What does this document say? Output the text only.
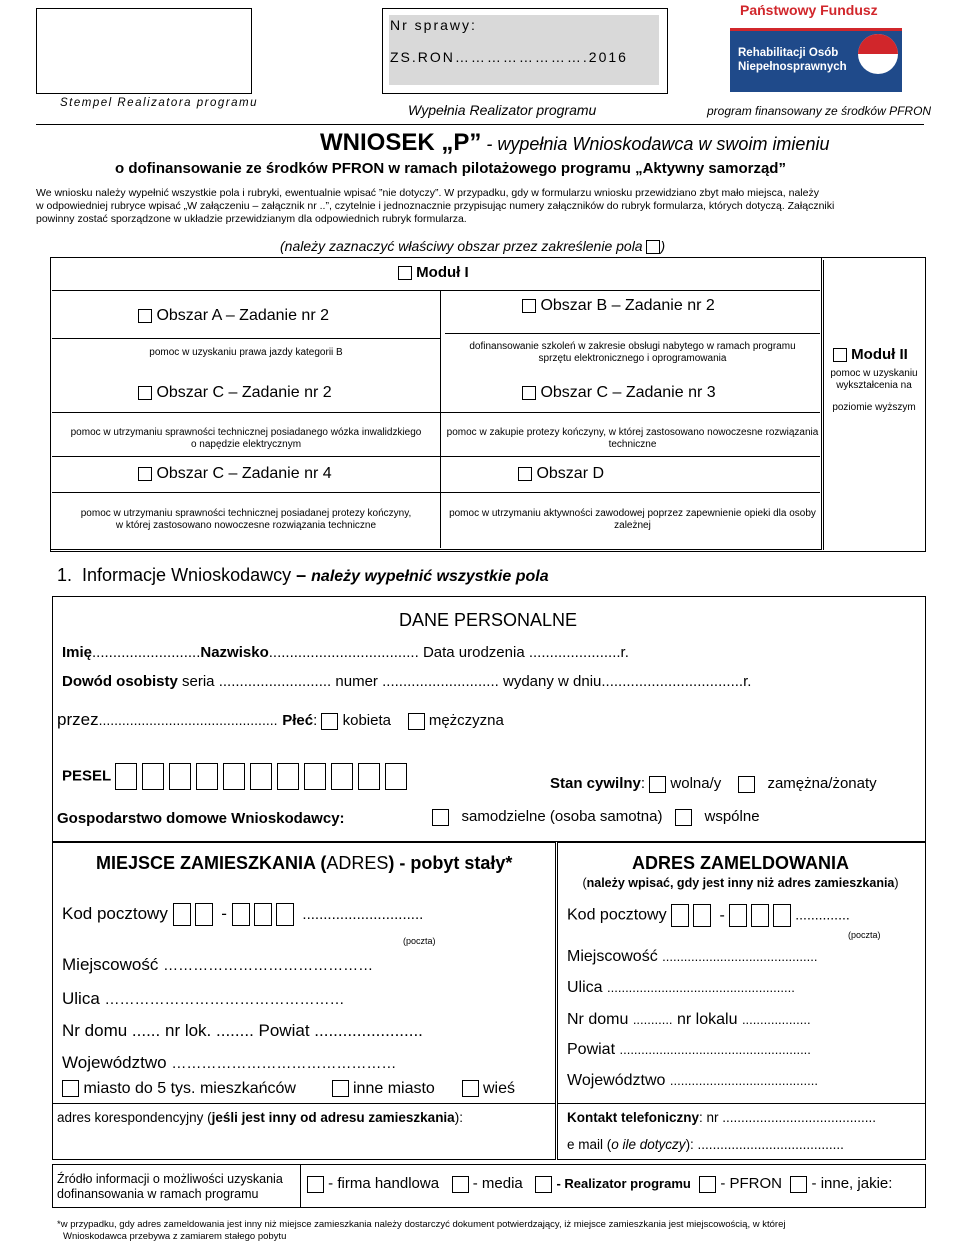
Stempel Realizatora programu
Nr sprawy:
ZS.RON…………………….2016
Wypełnia Realizator programu
Państwowy Fundusz
Rehabilitacji Osób
Niepełnosprawnych
program finansowany ze środków PFRON
WNIOSEK „P” - wypełnia Wnioskodawca w swoim imieniu
o dofinansowanie ze środków PFRON w ramach pilotażowego programu „Aktywny samorząd”
We wniosku należy wypełnić wszystkie pola i rubryki, ewentualnie wpisać ”nie dotyczy”. W przypadku, gdy w formularzu wniosku przewidziano zbyt mało miejsca, należy
w odpowiedniej rubryce wpisać „W załączeniu – załącznik nr ..”, czytelnie i jednoznacznie przypisując numery załączników do rubryk formularza, których dotyczą. Załączniki
powinny zostać sporządzone w układzie przewidzianym dla odpowiednich rubryk formularza.
(należy zaznaczyć właściwy obszar przez zakreślenie pola )
Moduł I
Obszar A – Zadanie nr 2
pomoc w uzyskaniu prawa jazdy kategorii B
Obszar B – Zadanie nr 2
dofinansowanie szkoleń w zakresie obsługi nabytego w ramach programu
sprzętu elektronicznego i oprogramowania
Obszar C – Zadanie nr 2	Obszar C – Zadanie nr 3
pomoc w utrzymaniu sprawności technicznej posiadanego wózka inwalidzkiego
o napędzie elektrycznym
pomoc w zakupie protezy kończyny, w której zastosowano nowoczesne rozwiązania
techniczne
Obszar C – Zadanie nr 4	Obszar D
pomoc w utrzymaniu sprawności technicznej posiadanej protezy kończyny,
w której zastosowano nowoczesne rozwiązania techniczne
pomoc w utrzymaniu aktywności zawodowej poprzez zapewnienie opieki dla osoby
zależnej
Moduł II
pomoc w uzyskaniu
wykształcenia na
poziomie wyższym
1. Informacje Wnioskodawcy – należy wypełnić wszystkie pola
DANE PERSONALNE
Imię..........................Nazwisko.................................... Data urodzenia ......................r.
Dowód osobisty seria ........................... numer ............................ wydany w dniu..................................r.
przez.............................................. Płeć:  kobieta	mężczyzna
PESEL	Stan cywilny:  wolna/y	zamężna/żonaty
Gospodarstwo domowe Wnioskodawcy:	samodzielne (osoba samotna)	wspólne
MIEJSCE ZAMIESZKANIA (ADRES) - pobyt stały*
Kod pocztowy	-	.............................
(poczta)
Miejscowość ……………………………………
Ulica …………………………………………
Nr domu ...... nr lok. ........ Powiat .......................
Województwo ………………………………………
miasto do 5 tys. mieszkańców	inne miasto	wieś
adres korespondencyjny (jeśli jest inny od adresu zamieszkania):
ADRES ZAMELDOWANIA
(należy wpisać, gdy jest inny niż adres zamieszkania)
Kod pocztowy	-	..............
(poczta)
Miejscowość ...........................................
Ulica ....................................................
Nr domu ........... nr lokalu ...................
Powiat .....................................................
Województwo .........................................
Kontakt telefoniczny: nr .........................................
e mail (o ile dotyczy): .......................................
Źródło informacji o możliwości uzyskania
dofinansowania w ramach programu
- firma handlowa - media	- Realizator programu - PFRON - inne, jakie:
*w przypadku, gdy adres zameldowania jest inny niż miejsce zamieszkania należy dostarczyć dokument potwierdzający, iż miejsce zamieszkania jest miejscowością, w której
Wnioskodawca przebywa z zamiarem stałego pobytu
